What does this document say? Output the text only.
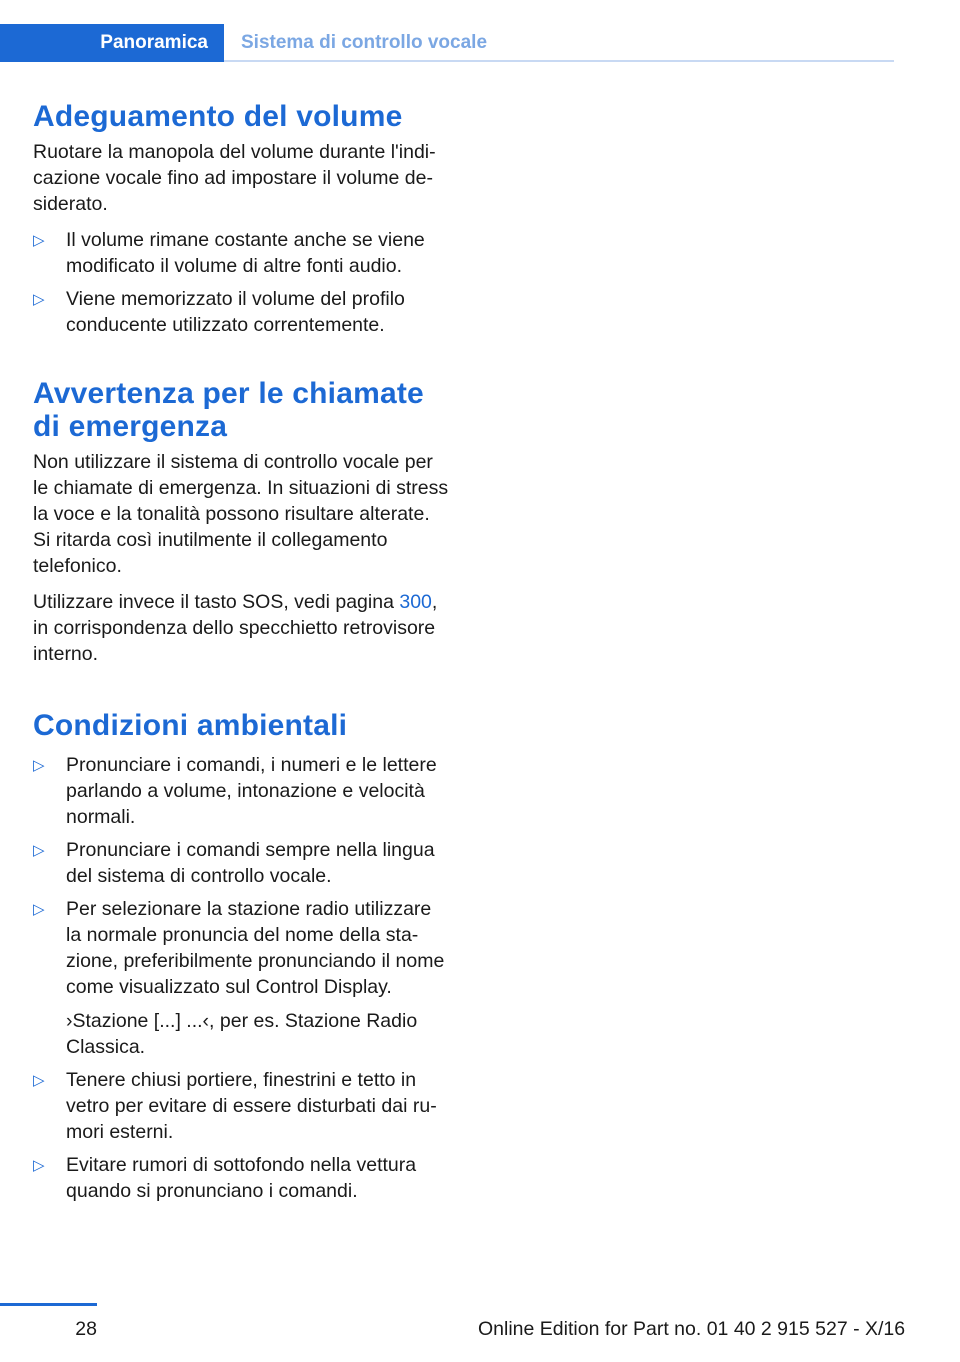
Panoramica	Sistema di controllo vocale
Adeguamento del volume

Ruotare la manopola del volume durante l'indicazione vocale fino ad impostare il volume desiderato.

▷ Il volume rimane costante anche se viene modificato il volume di altre fonti audio.
▷ Viene memorizzato il volume del profilo conducente utilizzato correntemente.
Avvertenza per le chiamate di emergenza

Non utilizzare il sistema di controllo vocale per le chiamate di emergenza. In situazioni di stress la voce e la tonalità possono risultare alterate. Si ritarda così inutilmente il collegamento telefonico.

Utilizzare invece il tasto SOS, vedi pagina 300, in corrispondenza dello specchietto retrovisore interno.

Condizioni ambientali
▷ Pronunciare i comandi, i numeri e le lettere parlando a volume, intonazione e velocità normali.
▷ Pronunciare i comandi sempre nella lingua del sistema di controllo vocale.
▷ Per selezionare la stazione radio utilizzare la normale pronuncia del nome della stazione, preferibilmente pronunciando il nome come visualizzato sul Control Display.

›Stazione [...] ...‹, per es. Stazione Radio Classica.

▷ Tenere chiusi portiere, finestrini e tetto in vetro per evitare di essere disturbati dai rumori esterni.
▷ Evitare rumori di sottofondo nella vettura quando si pronunciano i comandi.
28	Online Edition for Part no. 01 40 2 915 527 - X/16
